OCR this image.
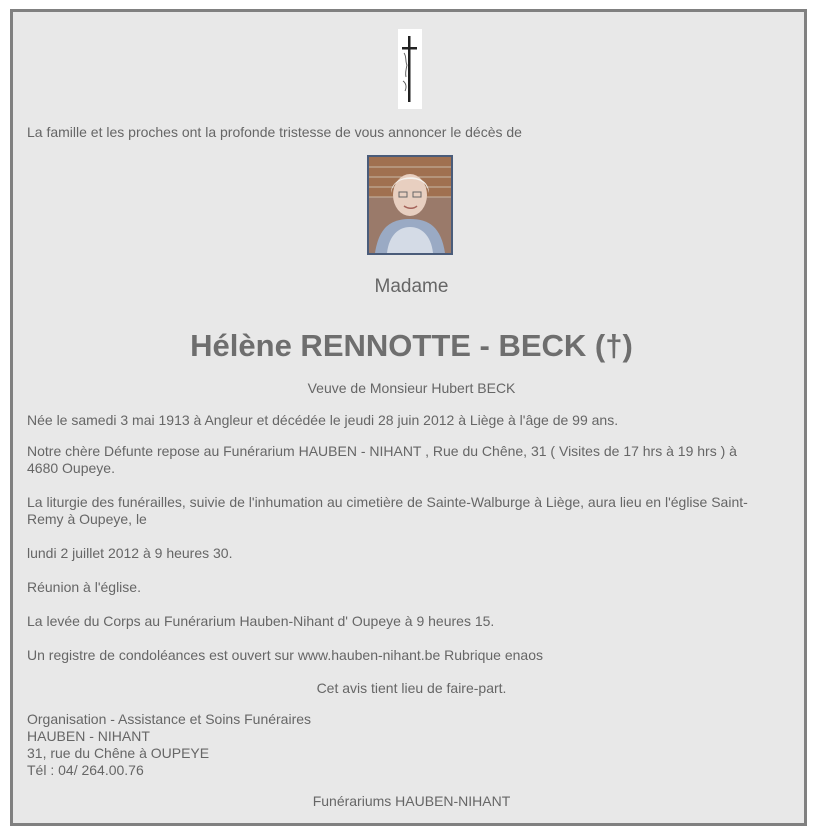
La famille et les proches ont la profonde tristesse de vous annoncer le décès de
Madame
Hélène RENNOTTE - BECK (†)
Veuve de Monsieur Hubert BECK
Née le samedi 3 mai 1913 à Angleur et décédée le jeudi 28 juin 2012 à Liège à l'âge de 99 ans.
Notre chère Défunte repose au Funérarium HAUBEN - NIHANT , Rue du Chêne, 31 ( Visites de 17 hrs à 19 hrs ) à
4680 Oupeye.
La liturgie des funérailles, suivie de l'inhumation au cimetière de Sainte-Walburge à Liège, aura lieu en l'église Saint-
Remy à Oupeye, le
lundi 2 juillet 2012 à 9 heures 30.
Réunion à l'église.
La levée du Corps au Funérarium Hauben-Nihant d' Oupeye à 9 heures 15.
Un registre de condoléances est ouvert sur www.hauben-nihant.be Rubrique enaos
Cet avis tient lieu de faire-part.
Organisation - Assistance et Soins Funéraires
HAUBEN - NIHANT
31, rue du Chêne à OUPEYE
Tél : 04/ 264.00.76
Funérariums HAUBEN-NIHANT
